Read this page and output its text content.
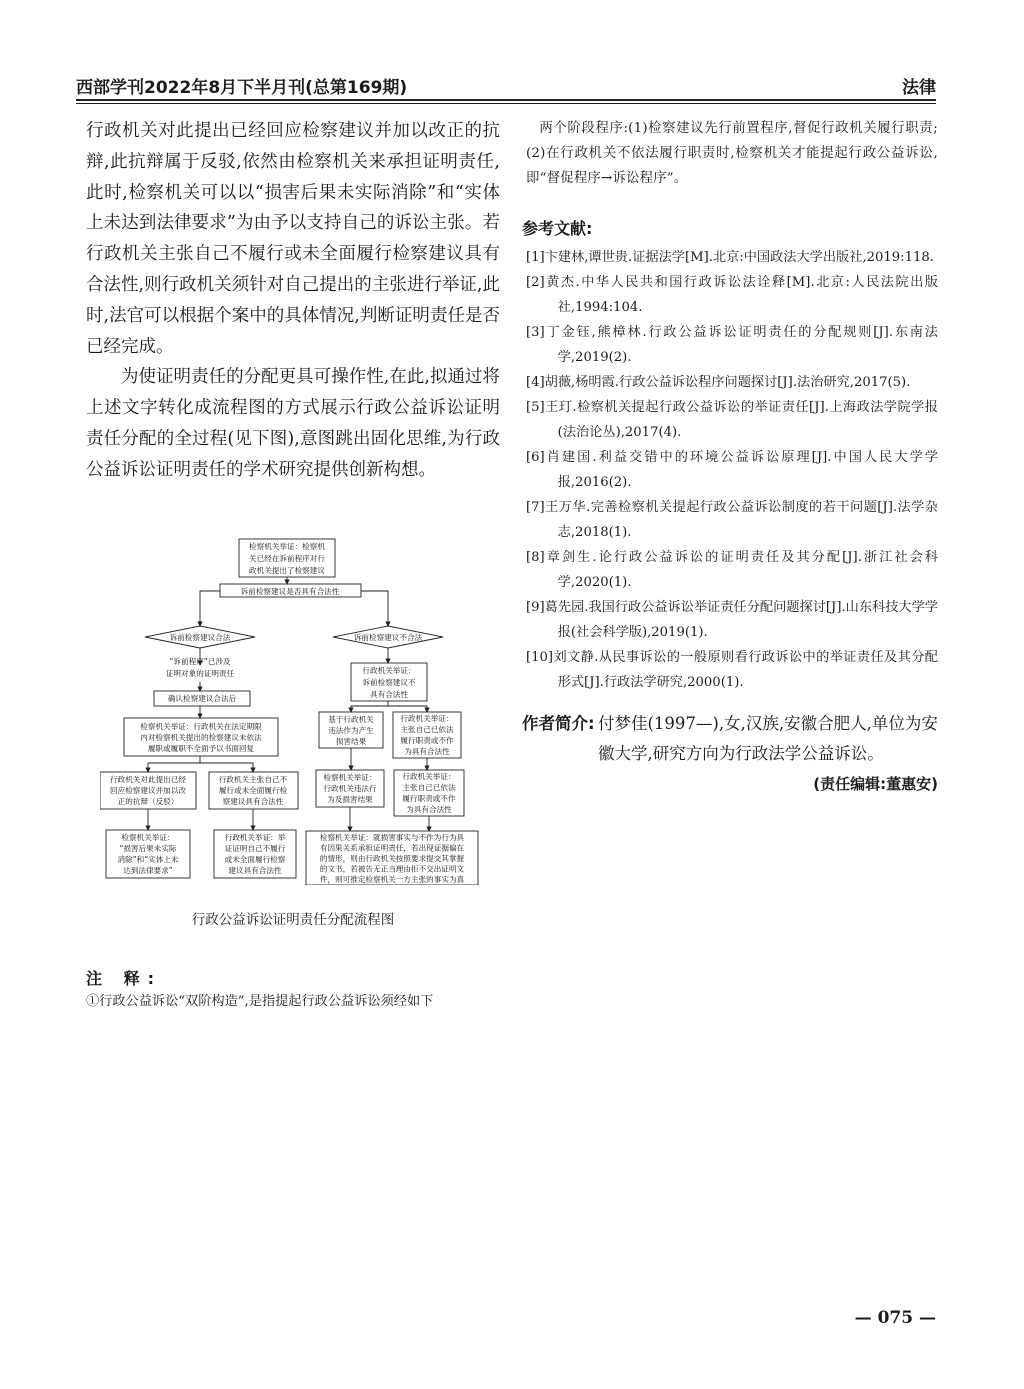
西部学刊2022年8月下半月刊(总第169期)	法律

行政机关对此提出已经回应检察建议并加以改正的抗辩,此抗辩属于反驳,依然由检察机关来承担证明责任,此时,检察机关可以以“损害后果未实际消除”和“实体上未达到法律要求”为由予以支持自己的诉讼主张。若行政机关主张自己不履行或未全面履行检察建议具有合法性,则行政机关须针对自己提出的主张进行举证,此时,法官可以根据个案中的具体情况,判断证明责任是否已经完成。

为使证明责任的分配更具可操作性,在此,拟通过将上述文字转化成流程图的方式展示行政公益诉讼证明责任分配的全过程(见下图),意图跳出固化思维,为行政公益诉讼证明责任的学术研究提供创新构想。

检察机关举证：检察机
关已经在诉前程序对行
政机关提出了检察建议
诉前检察建议是否具有合法性
诉前检察建议合法	诉前检察建议不合法
“诉前程序”已涉及
证明对象的证明责任
确认检察建议合法后
检察机关举证：行政机关在法定期限
内对检察机关提出的检察建议未依法
履职或履职不全面予以书面回复
行政机关对此提出已经
回应检察建议并加以改
正的抗辩（反驳）
行政机关主张自己不
履行或未全面履行检
察建议具有合法性
检察机关举证：
“损害后果未实际
消除”和“实体上未
达到法律要求”
行政机关举证：举
证证明自己不履行
或未全面履行检察
建议具有合法性
行政机关举证：
诉前检察建议不
具有合法性
基于行政机关
违法作为产生
损害结果
行政机关举证：
主张自己已依法
履行职责或不作
为具有合法性
检察机关举证：
行政机关违法行
为及损害结果
行政机关举证：
主张自己已依法
履行职责或不作
为具有合法性
检察机关举证：就损害事实与不作为行为具
有因果关系承担证明责任，若出现证据偏在
的情形，则由行政机关按照要求提交其掌握
的文书，若被告无正当理由拒不交出证明文
件，则可推定检察机关一方主张的事实为真
行政公益诉讼证明责任分配流程图
注 释:
①行政公益诉讼“双阶构造”,是指提起行政公益诉讼须经如下

两个阶段程序:(1)检察建议先行前置程序,督促行政机关履行职责;(2)在行政机关不依法履行职责时,检察机关才能提起行政公益诉讼,即“督促程序→诉讼程序”。

参考文献:

[1]卞建林,谭世贵.证据法学[M].北京:中国政法大学出版社,2019:118.

[2]黄杰.中华人民共和国行政诉讼法诠释[M].北京:人民法院出版社,1994:104.

[3]丁金钰,熊樟林.行政公益诉讼证明责任的分配规则[J].东南法学,2019(2).

[4]胡薇,杨明霞.行政公益诉讼程序问题探讨[J].法治研究,2017(5).

[5]王玎.检察机关提起行政公益诉讼的举证责任[J].上海政法学院学报(法治论丛),2017(4).

[6]肖建国.利益交错中的环境公益诉讼原理[J].中国人民大学学报,2016(2).

[7]王万华.完善检察机关提起行政公益诉讼制度的若干问题[J].法学杂志,2018(1).

[8]章剑生.论行政公益诉讼的证明责任及其分配[J].浙江社会科学,2020(1).

[9]葛先园.我国行政公益诉讼举证责任分配问题探讨[J].山东科技大学学报(社会科学版),2019(1).

[10]刘文静.从民事诉讼的一般原则看行政诉讼中的举证责任及其分配形式[J].行政法学研究,2000(1).

作者简介: 付梦佳(1997—),女,汉族,安徽合肥人,单位为安徽大学,研究方向为行政法学公益诉讼。
(责任编辑:董惠安)
— 075 —
